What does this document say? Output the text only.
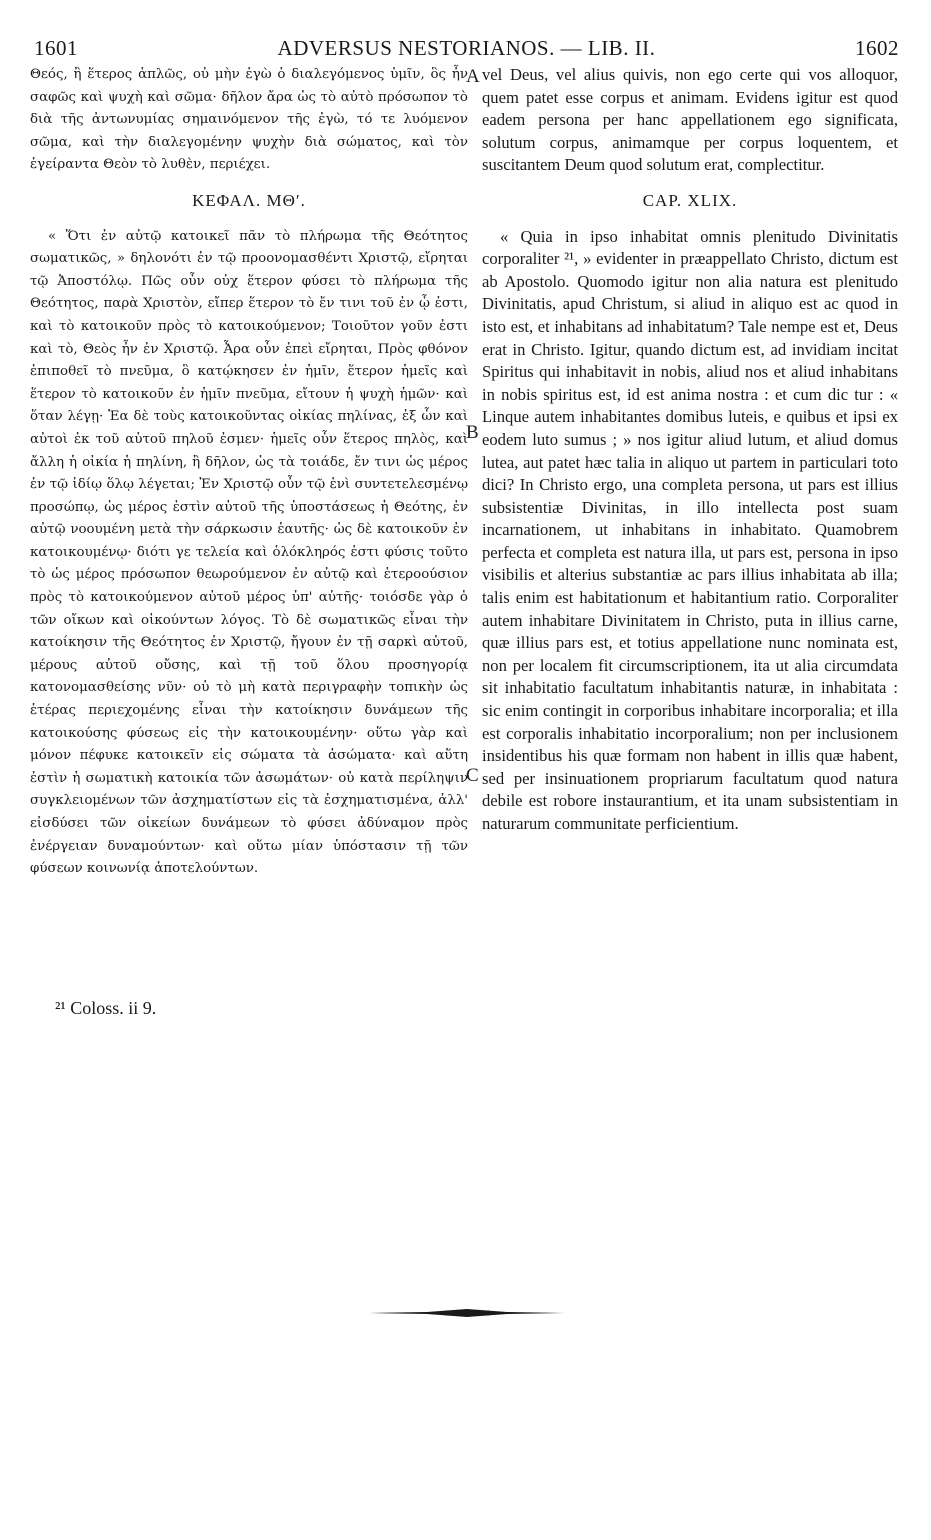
1601	ADVERSUS NESTORIANOS. — LIB. II.	1602

Θεός, ἢ ἕτερος ἁπλῶς, οὐ μὴν ἐγὼ ὁ διαλεγόμενος ὑμῖν, ὃς ἦν σαφῶς καὶ ψυχὴ καὶ σῶμα· δῆλον ἄρα ὡς τὸ αὐτὸ πρόσωπον τὸ διὰ τῆς ἀντωνυμίας σημαινόμενον τῆς ἐγὼ, τό τε λυόμενον σῶμα, καὶ τὴν διαλεγομένην ψυχὴν διὰ σώματος, καὶ τὸν ἐγείραντα Θεὸν τὸ λυθὲν, περιέχει.

ΚΕΦΑΛ. ΜΘʹ.

« Ὅτι ἐν αὐτῷ κατοικεῖ πᾶν τὸ πλήρωμα τῆς Θεότητος σωματικῶς, » δηλονότι ἐν τῷ προονομασθέντι Χριστῷ, εἴρηται τῷ Ἀποστόλῳ. Πῶς οὖν οὐχ ἕτερον φύσει τὸ πλήρωμα τῆς Θεότητος, παρὰ Χριστὸν, εἴπερ ἕτερον τὸ ἔν τινι τοῦ ἐν ᾧ ἐστι, καὶ τὸ κατοικοῦν πρὸς τὸ κατοικούμενον; Τοιοῦτον γοῦν ἐστι καὶ τὸ, Θεὸς ἦν ἐν Χριστῷ. Ἆρα οὖν ἐπεὶ εἴρηται, Πρὸς φθόνον ἐπιποθεῖ τὸ πνεῦμα, ὃ κατῴκησεν ἐν ἡμῖν, ἕτερον ἡμεῖς καὶ ἕτερον τὸ κατοικοῦν ἐν ἡμῖν πνεῦμα, εἴτουν ἡ ψυχὴ ἡμῶν· καὶ ὅταν λέγῃ· Ἐα δὲ τοὺς κατοικοῦντας οἰκίας πηλίνας, ἐξ ὧν καὶ αὐτοὶ ἐκ τοῦ αὐτοῦ πηλοῦ ἐσμεν· ἡμεῖς οὖν ἕτερος πηλὸς, καὶ ἄλλη ἡ οἰκία ἡ πηλίνη, ἢ δῆλον, ὡς τὰ τοιάδε, ἔν τινι ὡς μέρος ἐν τῷ ἰδίῳ ὅλῳ λέγεται; Ἐν Χριστῷ οὖν τῷ ἑνὶ συντετελεσμένῳ προσώπῳ, ὡς μέρος ἐστὶν αὐτοῦ τῆς ὑποστάσεως ἡ Θεότης, ἐν αὐτῷ νοουμένη μετὰ τὴν σάρκωσιν ἑαυτῆς· ὡς δὲ κατοικοῦν ἐν κατοικουμένῳ· διότι γε τελεία καὶ ὁλόκληρός ἐστι φύσις τοῦτο τὸ ὡς μέρος πρόσωπον θεωρούμενον ἐν αὐτῷ καὶ ἑτεροούσιον πρὸς τὸ κατοικούμενον αὐτοῦ μέρος ὑπ' αὐτῆς· τοιόσδε γὰρ ὁ τῶν οἴκων καὶ οἰκούντων λόγος. Τὸ δὲ σωματικῶς εἶναι τὴν κατοίκησιν τῆς Θεότητος ἐν Χριστῷ, ἤγουν ἐν τῇ σαρκὶ αὐτοῦ, μέρους αὐτοῦ οὔσης, καὶ τῇ τοῦ ὅλου προσηγορίᾳ κατονομασθείσης νῦν· οὐ τὸ μὴ κατὰ περιγραφὴν τοπικὴν ὡς ἑτέρας περιεχομένης εἶναι τὴν κατοίκησιν δυνάμεων τῆς κατοικούσης φύσεως εἰς τὴν κατοικουμένην· οὕτω γὰρ καὶ μόνον πέφυκε κατοικεῖν εἰς σώματα τὰ ἀσώματα· καὶ αὕτη ἐστὶν ἡ σωματικὴ κατοικία τῶν ἀσωμάτων· οὐ κατὰ περίληψιν συγκλειομένων τῶν ἀσχηματίστων εἰς τὰ ἐσχηματισμένα, ἀλλ' εἰσδύσει τῶν οἰκείων δυνάμεων τὸ φύσει ἀδύναμον πρὸς ἐνέργειαν δυναμούντων· καὶ οὕτω μίαν ὑπόστασιν τῇ τῶν φύσεων κοινωνίᾳ ἀποτελούντων.

A
B
C

vel Deus, vel alius quivis, non ego certe qui vos alloquor, quem patet esse corpus et animam. Evidens igitur est quod eadem persona per hanc appellationem ego significata, solutum corpus, animamque per corpus loquentem, et suscitantem Deum quod solutum erat, complectitur.

CAP. XLIX.

« Quia in ipso inhabitat omnis plenitudo Divinitatis corporaliter ²¹, » evidenter in præappellato Christo, dictum est ab Apostolo. Quomodo igitur non alia natura est plenitudo Divinitatis, apud Christum, si aliud in aliquo est ac quod in isto est, et inhabitans ad inhabitatum? Tale nempe est et, Deus erat in Christo. Igitur, quando dictum est, ad invidiam incitat Spiritus qui inhabitavit in nobis, aliud nos et aliud inhabitans in nobis spiritus est, id est anima nostra : et cum dic tur : « Linque autem inhabitantes domibus luteis, e quibus et ipsi ex eodem luto sumus ; » nos igitur aliud lutum, et aliud domus lutea, aut patet hæc talia in aliquo ut partem in particulari toto dici? In Christo ergo, una completa persona, ut pars est illius subsistentiæ Divinitas, in illo intellecta post suam incarnationem, ut inhabitans in inhabitato. Quamobrem perfecta et completa est natura illa, ut pars est, persona in ipso visibilis et alterius substantiæ ac pars illius inhabitata ab illa; talis enim est habitationum et habitantium ratio. Corporaliter autem inhabitare Divinitatem in Christo, puta in illius carne, quæ illius pars est, et totius appellatione nunc nominata est, non per localem fit circumscriptionem, ita ut alia circumdata sit inhabitatio facultatum inhabitantis naturæ, in inhabitata : sic enim contingit in corporibus inhabitare incorporalia; et illa est corporalis inhabitatio incorporalium; non per inclusionem insidentibus his quæ formam non habent in illis quæ habent, sed per insinuationem propriarum facultatum quod natura debile est robore instaurantium, et ita unam subsistentiam in naturarum communitate perficientium.

²¹ Coloss. ii 9.
